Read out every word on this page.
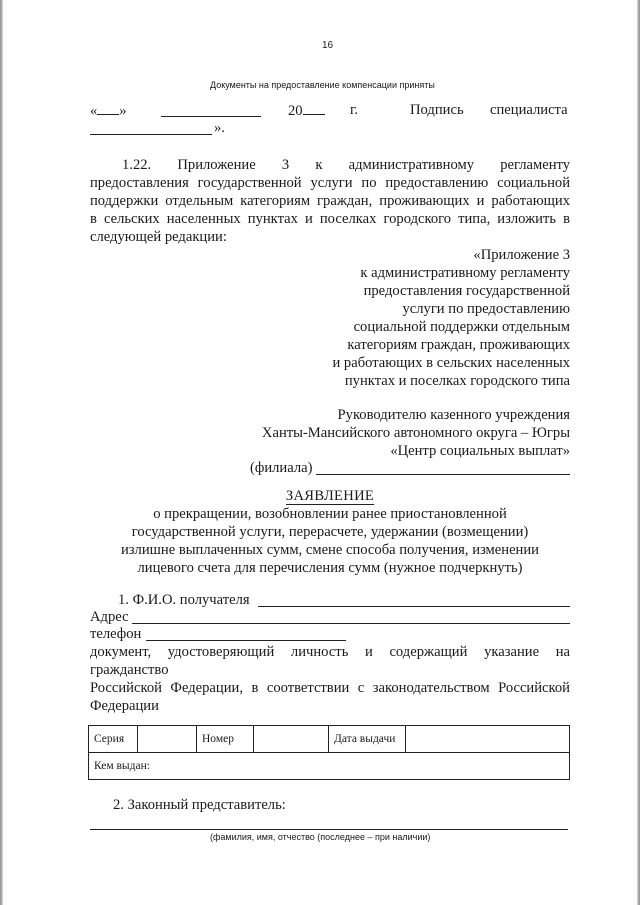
16
Документы на предоставление компенсации приняты
« »	20	г.	Подпись специалиста
».
1.22. Приложение 3 к административному регламенту
предоставления государственной услуги по предоставлению социальной
поддержки отдельным категориям граждан, проживающих и работающих
в сельских населенных пунктах и поселках городского типа, изложить в
следующей редакции:
«Приложение 3
к административному регламенту
предоставления государственной
услуги по предоставлению
социальной поддержки отдельным
категориям граждан, проживающих
и работающих в сельских населенных
пунктах и поселках городского типа
Руководителю казенного учреждения
Ханты-Мансийского автономного округа – Югры
«Центр социальных выплат»
(филиала)
ЗАЯВЛЕНИЕ
о прекращении, возобновлении ранее приостановленной
государственной услуги, перерасчете, удержании (возмещении)
излишне выплаченных сумм, смене способа получения, изменении
лицевого счета для перечисления сумм (нужное подчеркнуть)
1. Ф.И.О. получателя
Адрес
телефон
документ, удостоверяющий личность и содержащий указание на
гражданство
Российской Федерации, в соответствии с законодательством Российской
Федерации
Серия		Номер		Дата выдачи	
Кем выдан:
2. Законный представитель:
(фамилия, имя, отчество (последнее – при наличии)
